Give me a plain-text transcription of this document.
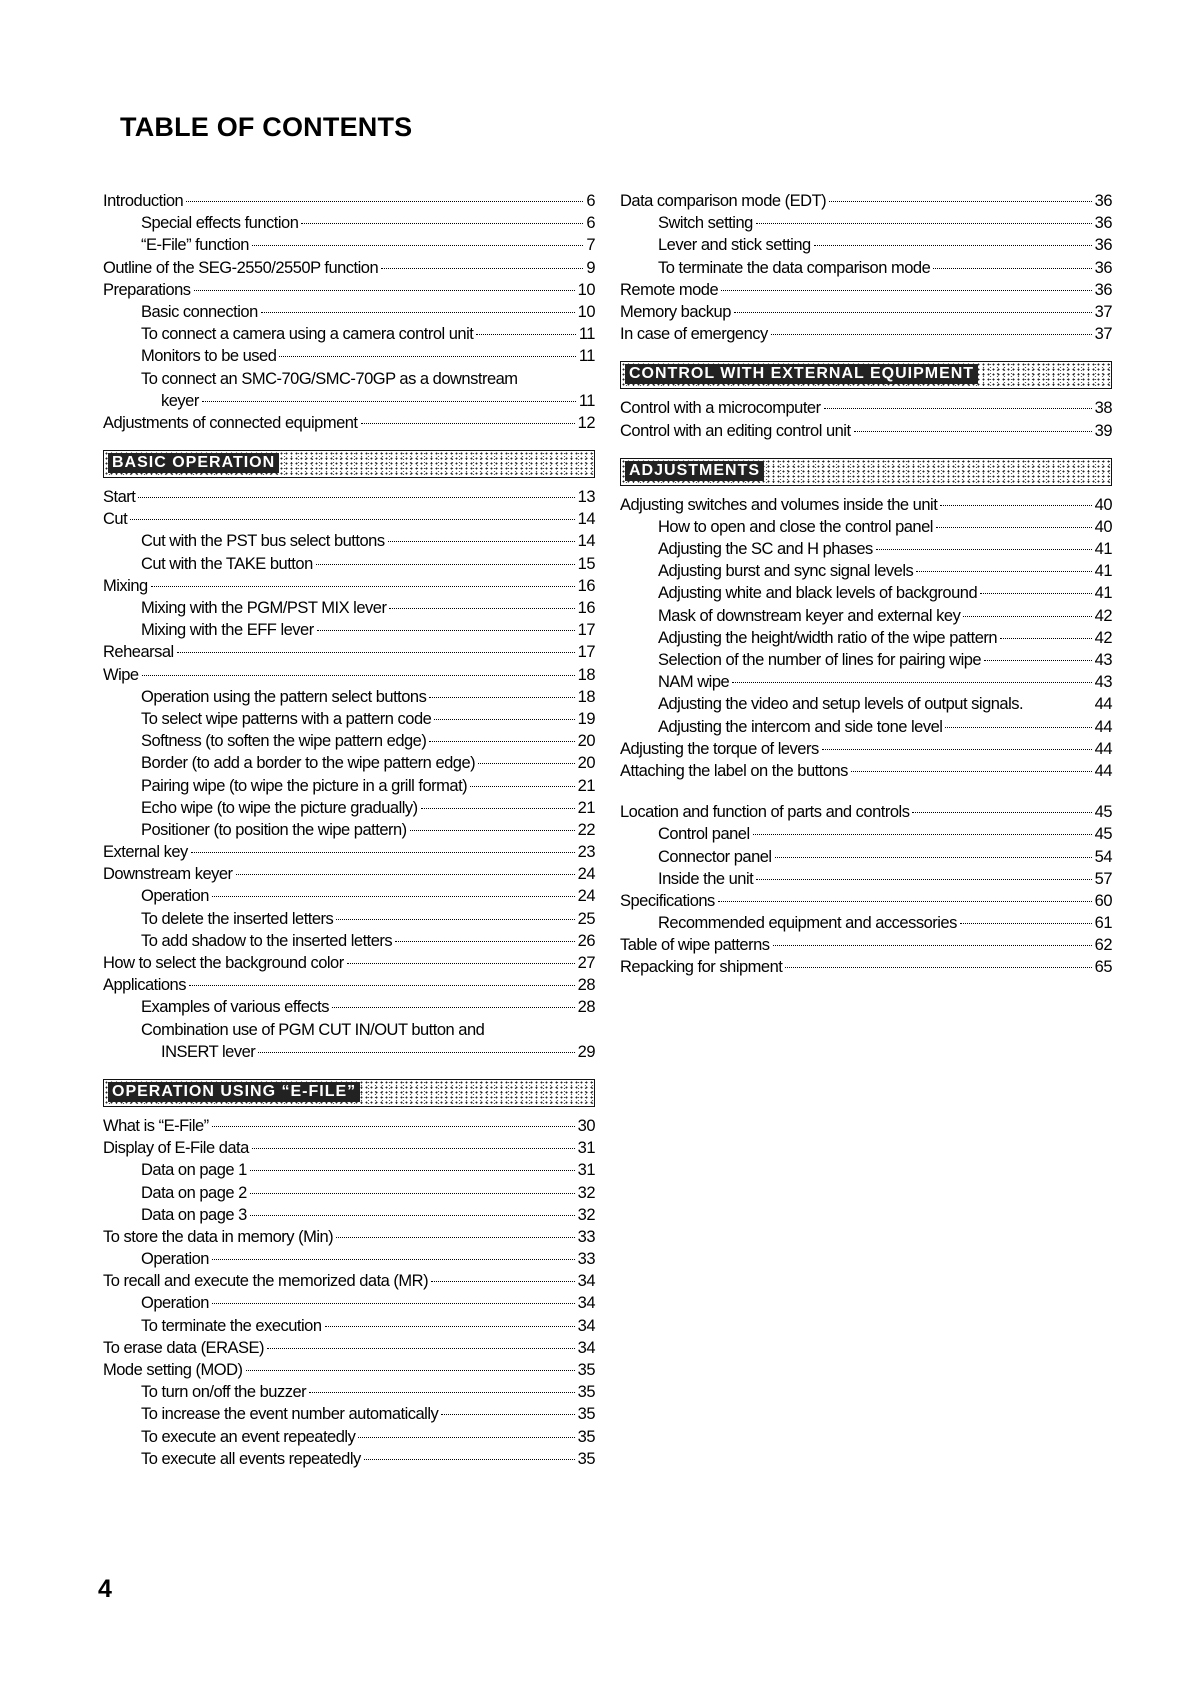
TABLE OF CONTENTS
Introduction	6
Special effects function	6
“E-File” function	7
Outline of the SEG-2550/2550P function	9
Preparations	10
Basic connection	10
To connect a camera using a camera control unit	11
Monitors to be used	11
To connect an SMC-70G/SMC-70GP as a downstream
keyer	11
Adjustments of connected equipment	12
BASIC OPERATION
Start	13
Cut	14
Cut with the PST bus select buttons	14
Cut with the TAKE button	15
Mixing	16
Mixing with the PGM/PST MIX lever	16
Mixing with the EFF lever	17
Rehearsal	17
Wipe	18
Operation using the pattern select buttons	18
To select wipe patterns with a pattern code	19
Softness (to soften the wipe pattern edge)	20
Border (to add a border to the wipe pattern edge)	20
Pairing wipe (to wipe the picture in a grill format)	21
Echo wipe (to wipe the picture gradually)	21
Positioner (to position the wipe pattern)	22
External key	23
Downstream keyer	24
Operation	24
To delete the inserted letters	25
To add shadow to the inserted letters	26
How to select the background color	27
Applications	28
Examples of various effects	28
Combination use of PGM CUT IN/OUT button and
INSERT lever	29
OPERATION USING “E-FILE”
What is “E-File”	30
Display of E-File data	31
Data on page 1	31
Data on page 2	32
Data on page 3	32
To store the data in memory (Min)	33
Operation	33
To recall and execute the memorized data (MR)	34
Operation	34
To terminate the execution	34
To erase data (ERASE)	34
Mode setting (MOD)	35
To turn on/off the buzzer	35
To increase the event number automatically	35
To execute an event repeatedly	35
To execute all events repeatedly	35
Data comparison mode (EDT)	36
Switch setting	36
Lever and stick setting	36
To terminate the data comparison mode	36
Remote mode	36
Memory backup	37
In case of emergency	37
CONTROL WITH EXTERNAL EQUIPMENT
Control with a microcomputer	38
Control with an editing control unit	39
ADJUSTMENTS
Adjusting switches and volumes inside the unit	40
How to open and close the control panel	40
Adjusting the SC and H phases	41
Adjusting burst and sync signal levels	41
Adjusting white and black levels of background	41
Mask of downstream keyer and external key	42
Adjusting the height/width ratio of the wipe pattern	42
Selection of the number of lines for pairing wipe	43
NAM wipe	43
Adjusting the video and setup levels of output signals.	44
Adjusting the intercom and side tone level	44
Adjusting the torque of levers	44
Attaching the label on the buttons	44
Location and function of parts and controls	45
Control panel	45
Connector panel	54
Inside the unit	57
Specifications	60
Recommended equipment and accessories	61
Table of wipe patterns	62
Repacking for shipment	65
4
